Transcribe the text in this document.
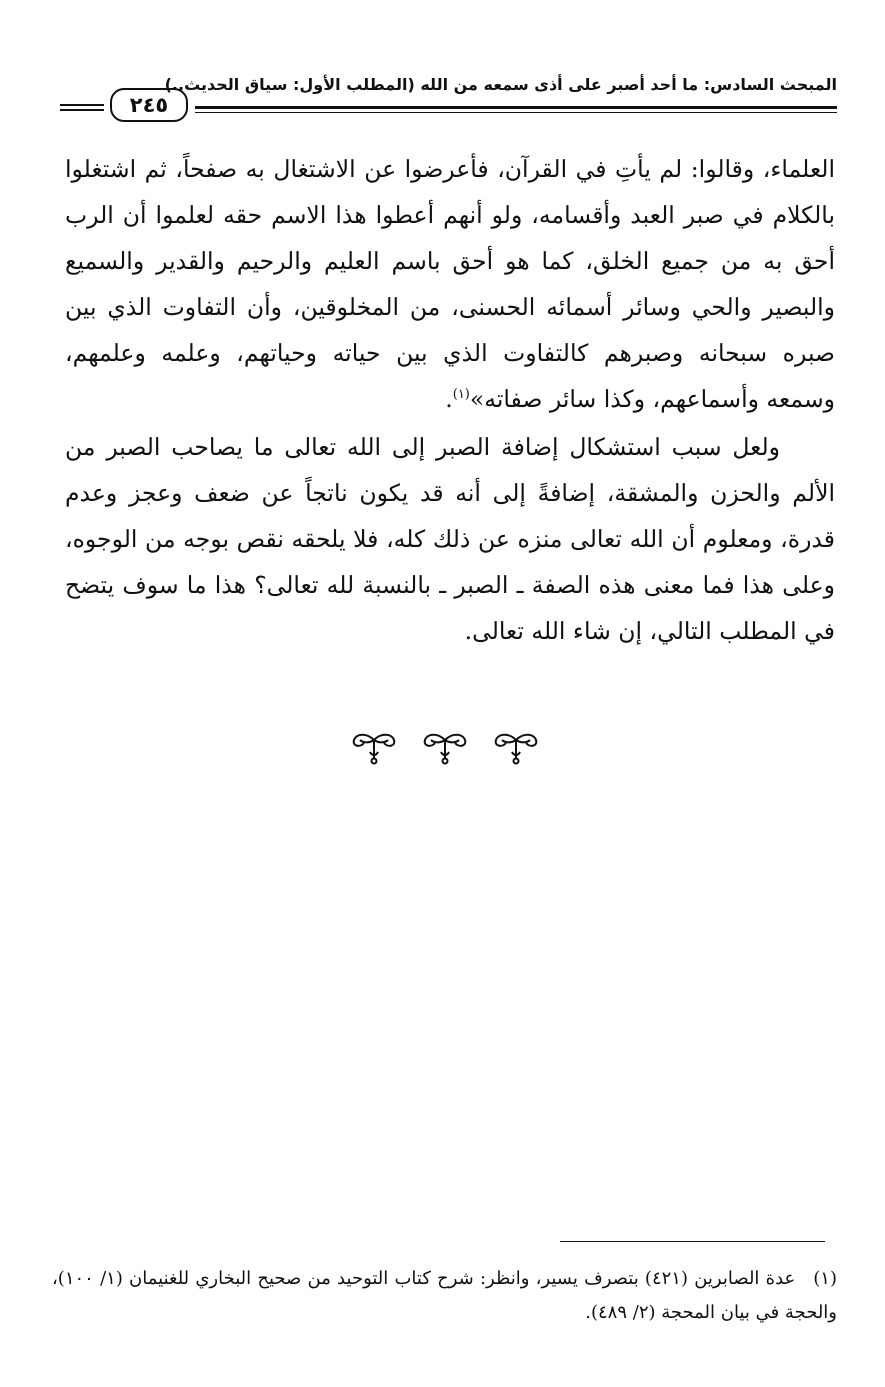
المبحث السادس: ما أحد أصبر على أذى سمعه من الله (المطلب الأول: سياق الحديث..)
٢٤٥

العلماء، وقالوا: لم يأتِ في القرآن، فأعرضوا عن الاشتغال به صفحاً، ثم اشتغلوا بالكلام في صبر العبد وأقسامه، ولو أنهم أعطوا هذا الاسم حقه لعلموا أن الرب أحق به من جميع الخلق، كما هو أحق باسم العليم والرحيم والقدير والسميع والبصير والحي وسائر أسمائه الحسنى، من المخلوقين، وأن التفاوت الذي بين صبره سبحانه وصبرهم كالتفاوت الذي بين حياته وحياتهم، وعلمه وعلمهم، وسمعه وأسماعهم، وكذا سائر صفاته»$^{(١)}$.

ولعل سبب استشكال إضافة الصبر إلى الله تعالى ما يصاحب الصبر من الألم والحزن والمشقة، إضافةً إلى أنه قد يكون ناتجاً عن ضعف وعجز وعدم قدرة، ومعلوم أن الله تعالى منزه عن ذلك كله، فلا يلحقه نقص بوجه من الوجوه، وعلى هذا فما معنى هذه الصفة ـ الصبر ـ بالنسبة لله تعالى؟ هذا ما سوف يتضح في المطلب التالي، إن شاء الله تعالى.

(١)عدة الصابرين (٤٢١) بتصرف يسير، وانظر: شرح كتاب التوحيد من صحيح البخاري للغنيمان (١/ ١٠٠)، والحجة في بيان المحجة (٢/ ٤٨٩).
